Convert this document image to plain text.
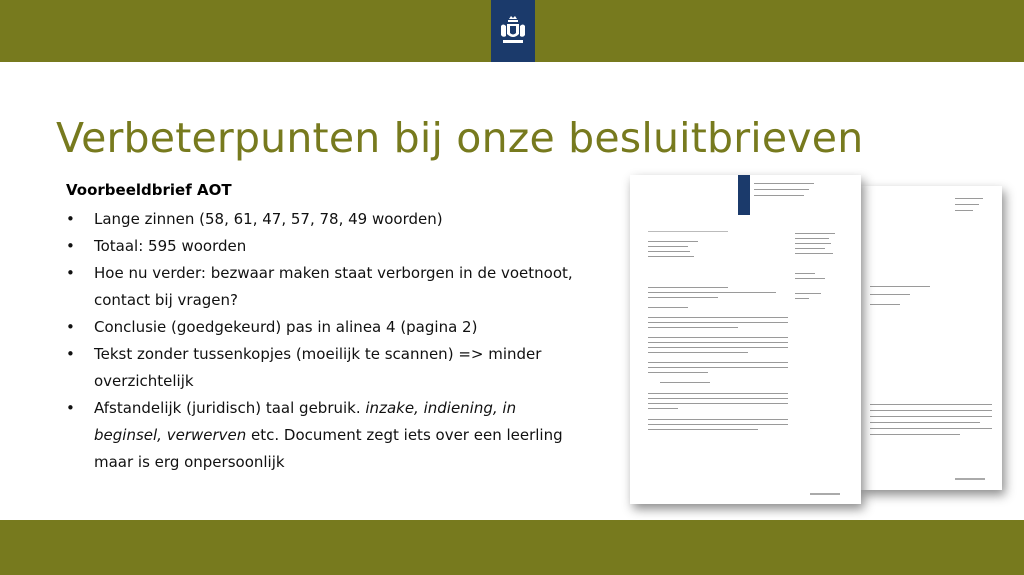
Verbeterpunten bij onze besluitbrieven
Voorbeeldbrief AOT
• Lange zinnen (58, 61, 47, 57, 78, 49 woorden)
• Totaal: 595 woorden
• Hoe nu verder: bezwaar maken staat verborgen in de voetnoot, contact bij vragen?
• Conclusie (goedgekeurd) pas in alinea 4 (pagina 2)
• Tekst zonder tussenkopjes (moeilijk te scannen) => minder overzichtelijk
• Afstandelijk (juridisch) taal gebruik. inzake, indiening, in beginsel, verwerven etc. Document zegt iets over een leerling maar is erg onpersoonlijk
